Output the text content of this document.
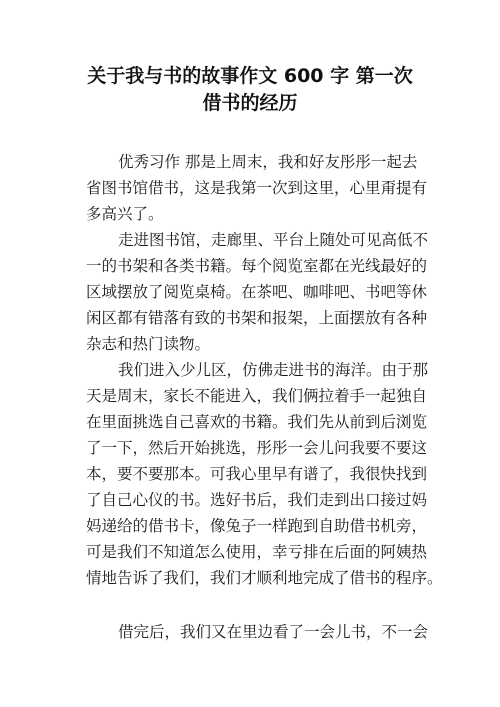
关于我与书的故事作文 600 字 第一次
借书的经历

优秀习作 那是上周末，我和好友彤彤一起去

省图书馆借书，这是我第一次到这里，心里甭提有

多高兴了。

走进图书馆，走廊里、平台上随处可见高低不

一的书架和各类书籍。每个阅览室都在光线最好的

区域摆放了阅览桌椅。在茶吧、咖啡吧、书吧等休

闲区都有错落有致的书架和报架，上面摆放有各种

杂志和热门读物。

我们进入少儿区，仿佛走进书的海洋。由于那

天是周末，家长不能进入，我们俩拉着手一起独自

在里面挑选自己喜欢的书籍。我们先从前到后浏览

了一下，然后开始挑选，彤彤一会儿问我要不要这

本，要不要那本。可我心里早有谱了，我很快找到

了自己心仪的书。选好书后，我们走到出口接过妈

妈递给的借书卡，像兔子一样跑到自助借书机旁，

可是我们不知道怎么使用，幸亏排在后面的阿姨热

情地告诉了我们，我们才顺利地完成了借书的程序。

借完后，我们又在里边看了一会儿书，不一会
